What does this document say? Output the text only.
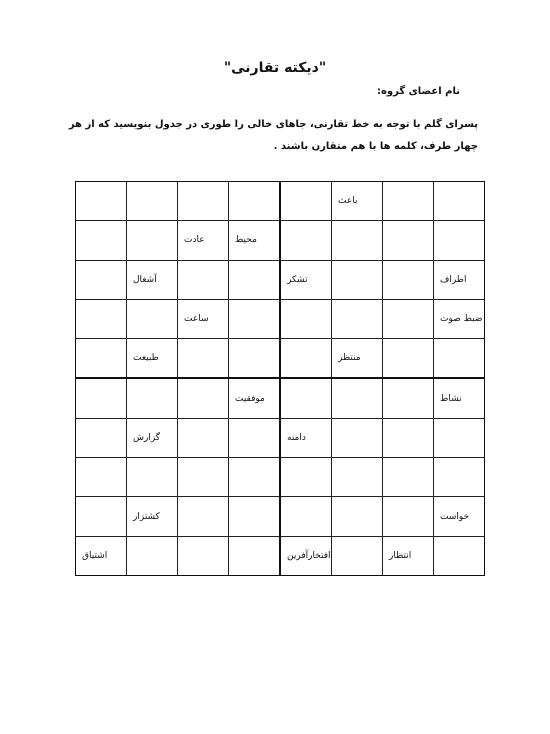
"دیکته تقارنی"
نام اعضای گروه:
پسرای گلم با توجه به خط تقارنی، جاهای خالی را طوری در جدول بنویسید که از هر چهار طرف، کلمه ها با هم متقارن باشند .
		باعث					
				محیط	عادت		
اطراف			تشکر			آشغال	
ضبط صوت					ساعت		
		منتظر				طبیعت	
نشاط				موفقیت			
			دامنه			گزارش	

خواست						کشتزار	
	انتظار		افتخارآفرین				اشتیاق
